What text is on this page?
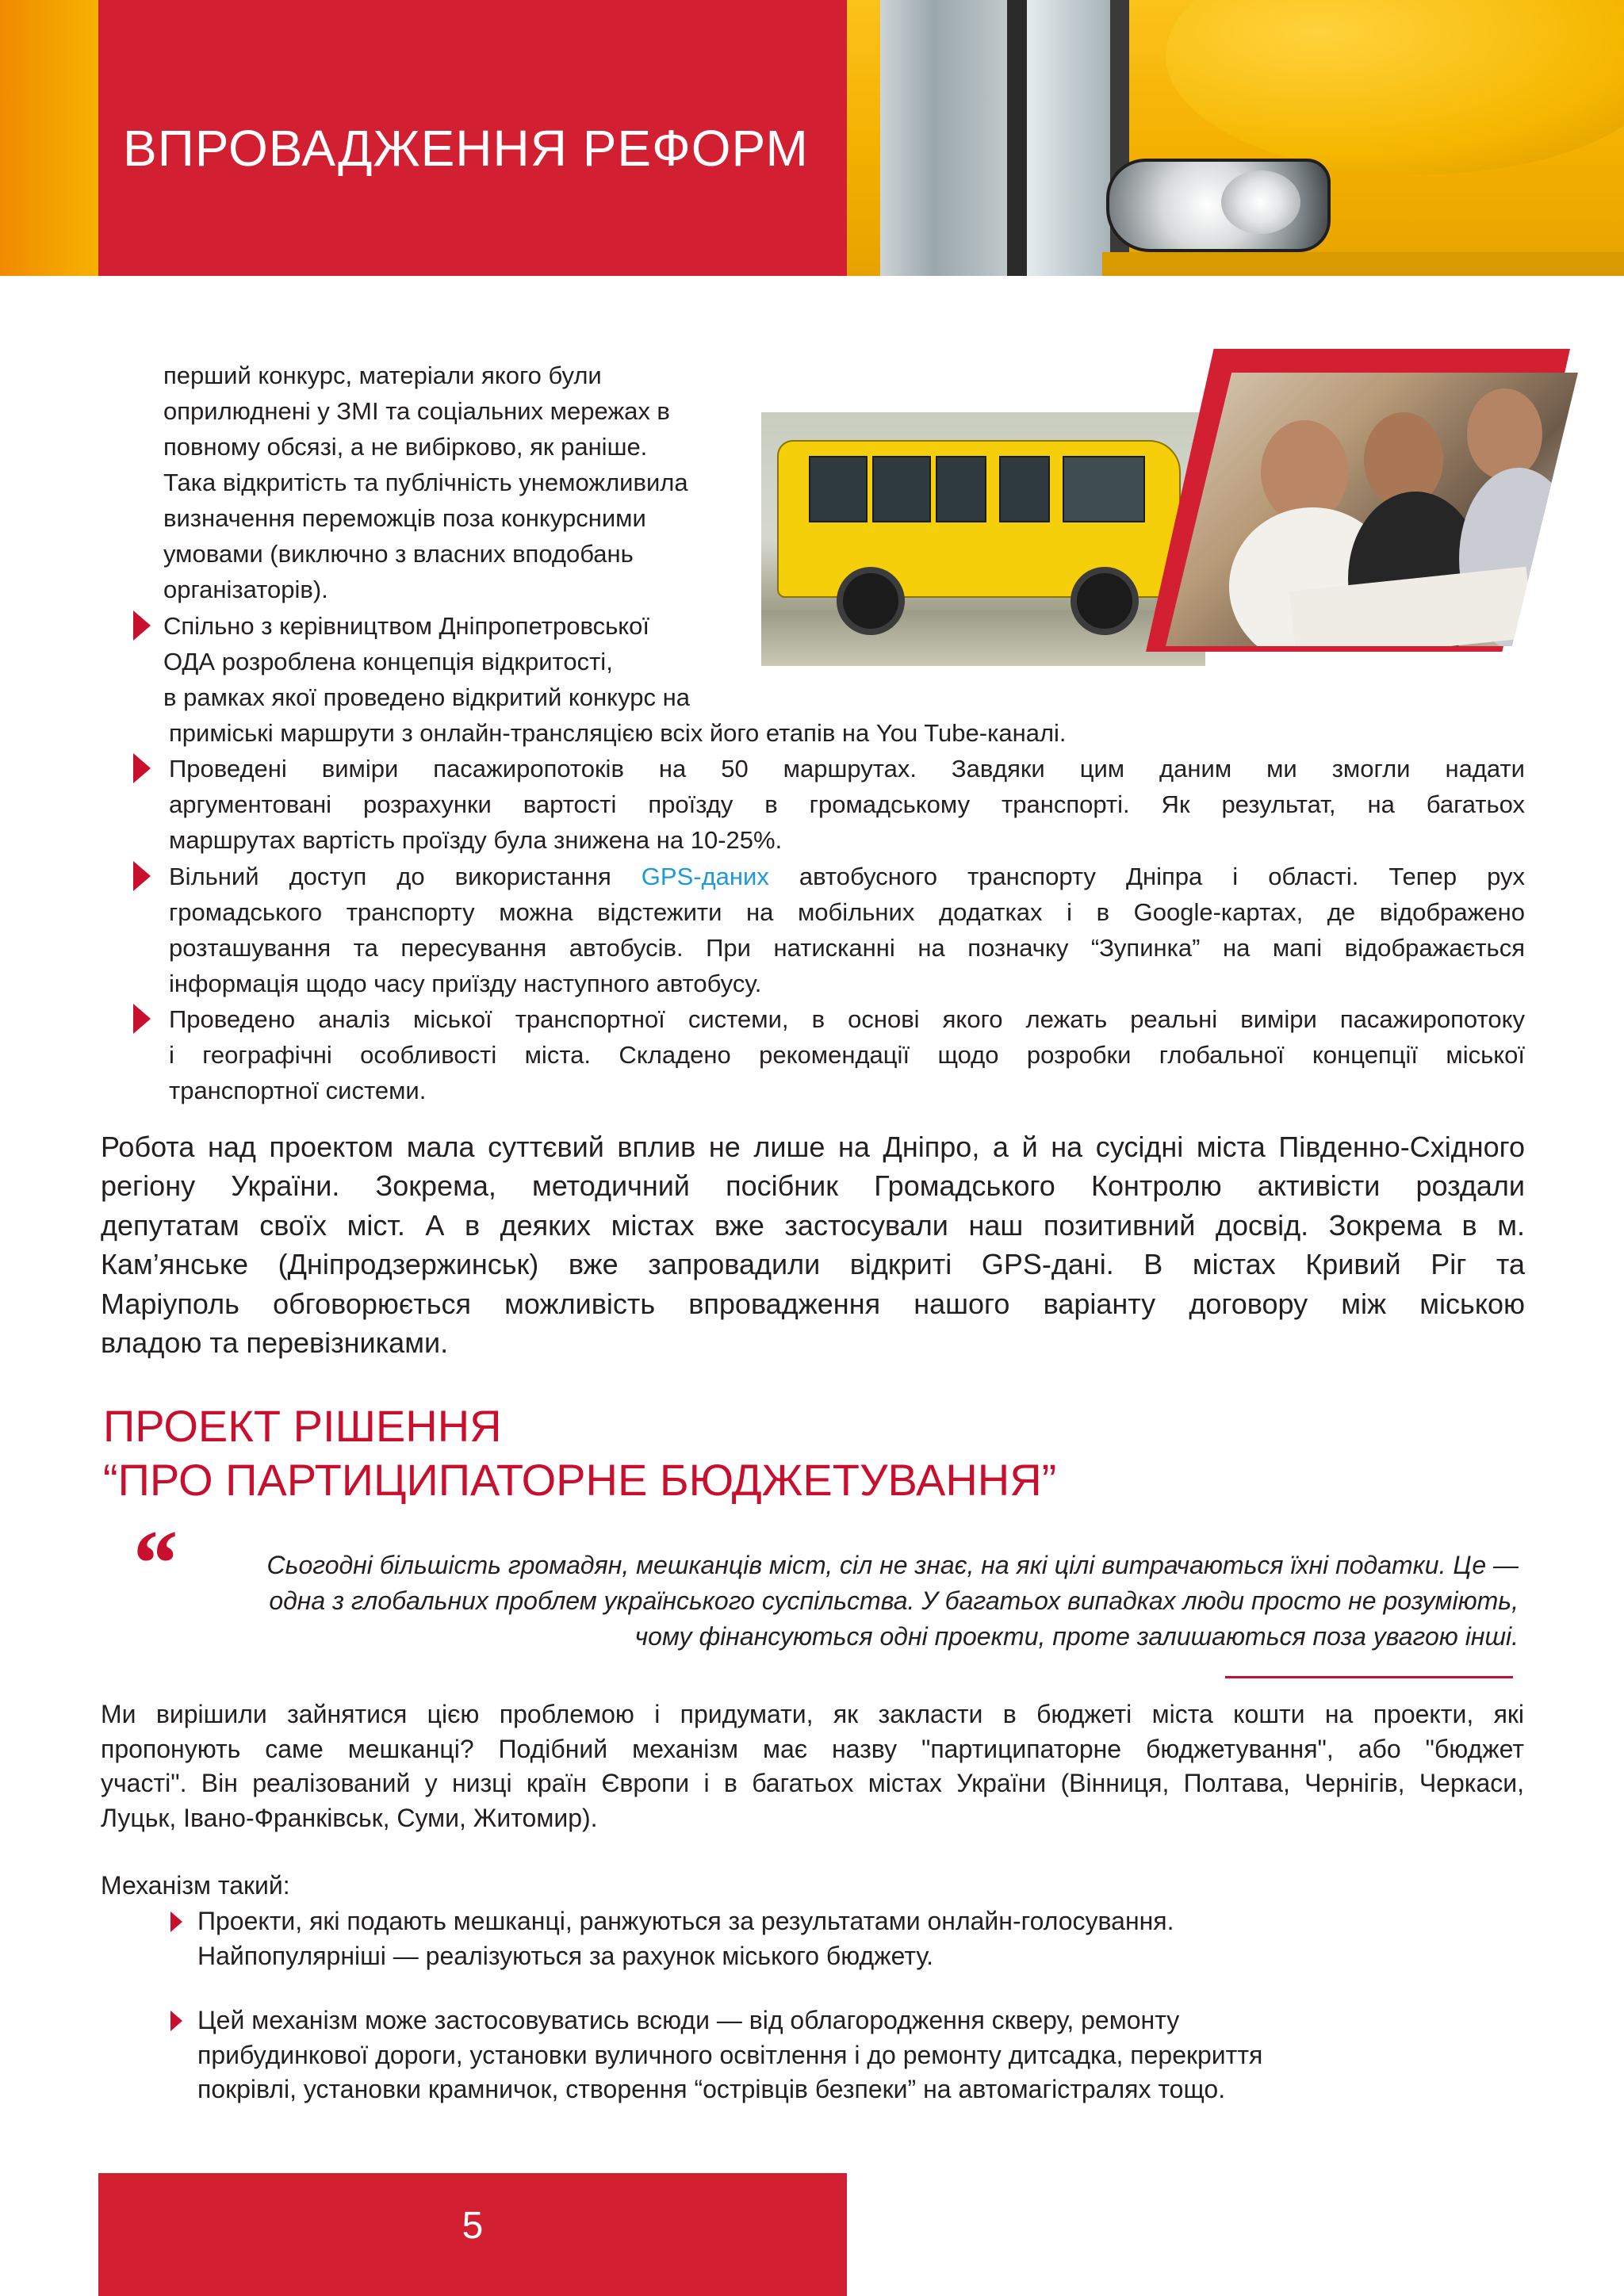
ВПРОВАДЖЕННЯ РЕФОРМ
перший конкурс, матеріали якого були
оприлюднені у ЗМІ та соціальних мережах в
повному обсязі, а не вибірково, як раніше.
Така відкритість та публічність унеможливила
визначення переможців поза конкурсними
умовами (виключно з власних вподобань
організаторів).
Спільно з керівництвом Дніпропетровської
ОДА розроблена концепція відкритості,
в рамках якої проведено відкритий конкурс на
приміські маршрути з онлайн-трансляцією всіх його етапів на You Tube-каналі.
Проведені виміри пасажиропотоків на 50 маршрутах. Завдяки цим даним ми змогли надати
аргументовані розрахунки вартості проїзду в громадському транспорті. Як результат, на багатьох
маршрутах вартість проїзду була знижена на 10-25%.
Вільний доступ до використання GPS-даних автобусного транспорту Дніпра і області. Тепер рух
громадського транспорту можна відстежити на мобільних додатках і в Google-картах, де відображено
розташування та пересування автобусів. При натисканні на позначку “Зупинка” на мапі відображається
інформація щодо часу приїзду наступного автобусу.
Проведено аналіз міської транспортної системи, в основі якого лежать реальні виміри пасажиропотоку
і географічні особливості міста. Складено рекомендації щодо розробки глобальної концепції міської
транспортної системи.
Робота над проектом мала суттєвий вплив не лише на Дніпро, а й на сусідні міста Південно-Східного
регіону України. Зокрема, методичний посібник Громадського Контролю активісти роздали
депутатам своїх міст. А в деяких містах вже застосували наш позитивний досвід. Зокрема в м.
Кам’янське (Дніпродзержинськ) вже запровадили відкриті GPS-дані. В містах Кривий Ріг та
Маріуполь обговорюється можливість впровадження нашого варіанту договору між міською
владою та перевізниками.
ПРОЕКТ РІШЕННЯ
“ПРО ПАРТИЦИПАТОРНЕ БЮДЖЕТУВАННЯ”
“	Сьогодні більшість громадян, мешканців міст, сіл не знає, на які цілі витрачаються їхні податки. Це —
одна з глобальних проблем українського суспільства. У багатьох випадках люди просто не розуміють,
чому фінансуються одні проекти, проте залишаються поза увагою інші.
Ми вирішили зайнятися цією проблемою і придумати, як закласти в бюджеті міста кошти на проекти, які
пропонують саме мешканці? Подібний механізм має назву "партиципаторне бюджетування", або "бюджет
участі". Він реалізований у низці країн Європи і в багатьох містах України (Вінниця, Полтава, Чернігів, Черкаси,
Луцьк, Івано-Франківськ, Суми, Житомир).
Механізм такий:
Проекти, які подають мешканці, ранжуються за результатами онлайн-голосування.
Найпопулярніші — реалізуються за рахунок міського бюджету.
Цей механізм може застосовуватись всюди — від облагородження скверу, ремонту
прибудинкової дороги, установки вуличного освітлення і до ремонту дитсадка, перекриття
покрівлі, установки крамничок, створення “острівців безпеки” на автомагістралях тощо.
5
